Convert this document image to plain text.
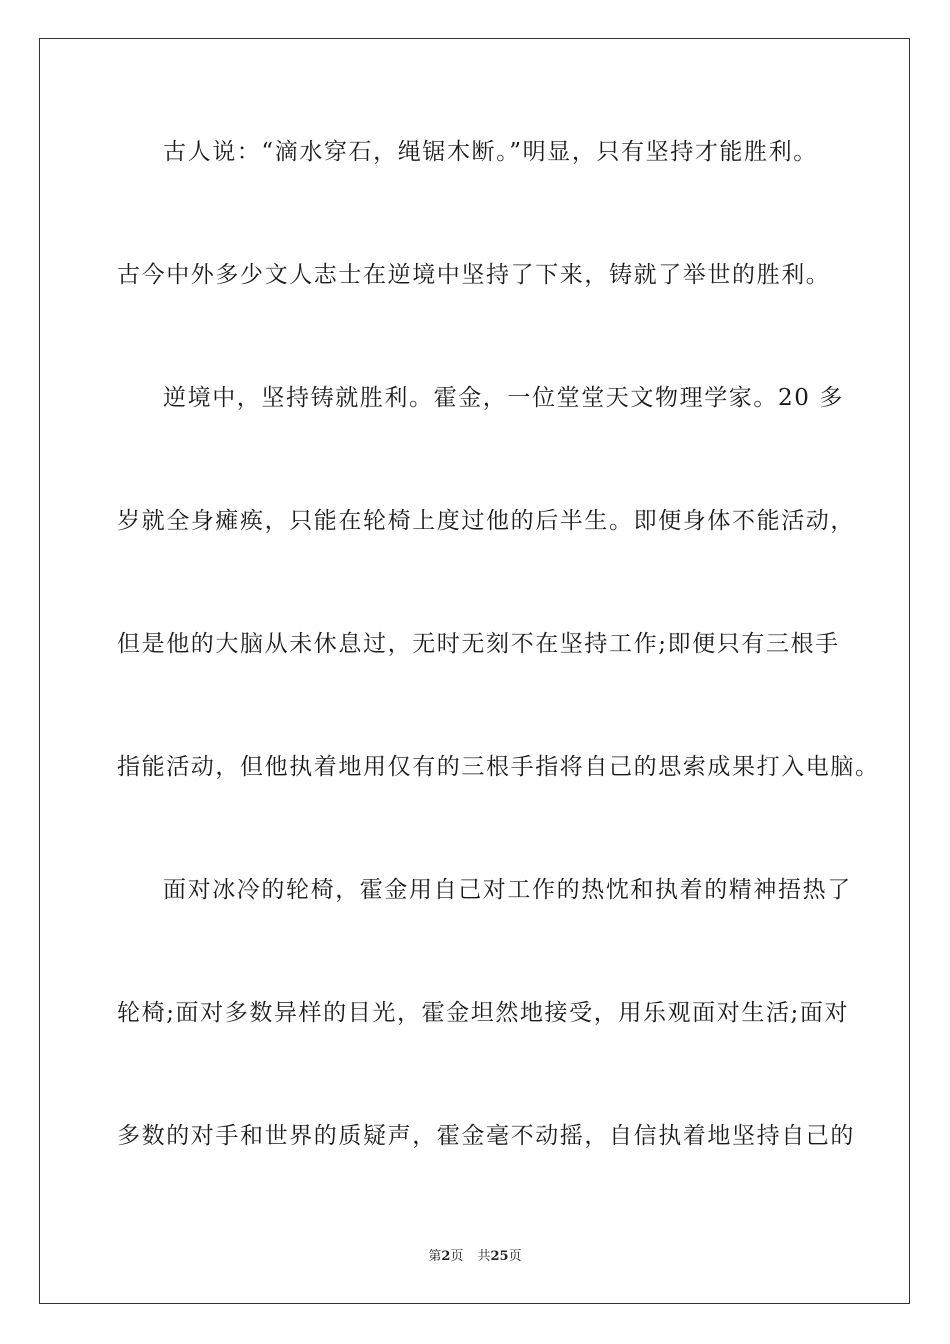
古人说：“滴水穿石，绳锯木断。”明显，只有坚持才能胜利。
古今中外多少文人志士在逆境中坚持了下来，铸就了举世的胜利。
逆境中，坚持铸就胜利。霍金，一位堂堂天文物理学家。20 多
岁就全身瘫痪，只能在轮椅上度过他的后半生。即便身体不能活动，
但是他的大脑从未休息过，无时无刻不在坚持工作;即便只有三根手
指能活动，但他执着地用仅有的三根手指将自己的思索成果打入电脑。
面对冰冷的轮椅，霍金用自己对工作的热忱和执着的精神捂热了
轮椅;面对多数异样的目光，霍金坦然地接受，用乐观面对生活;面对
多数的对手和世界的质疑声，霍金毫不动摇，自信执着地坚持自己的
第2页 共25页
